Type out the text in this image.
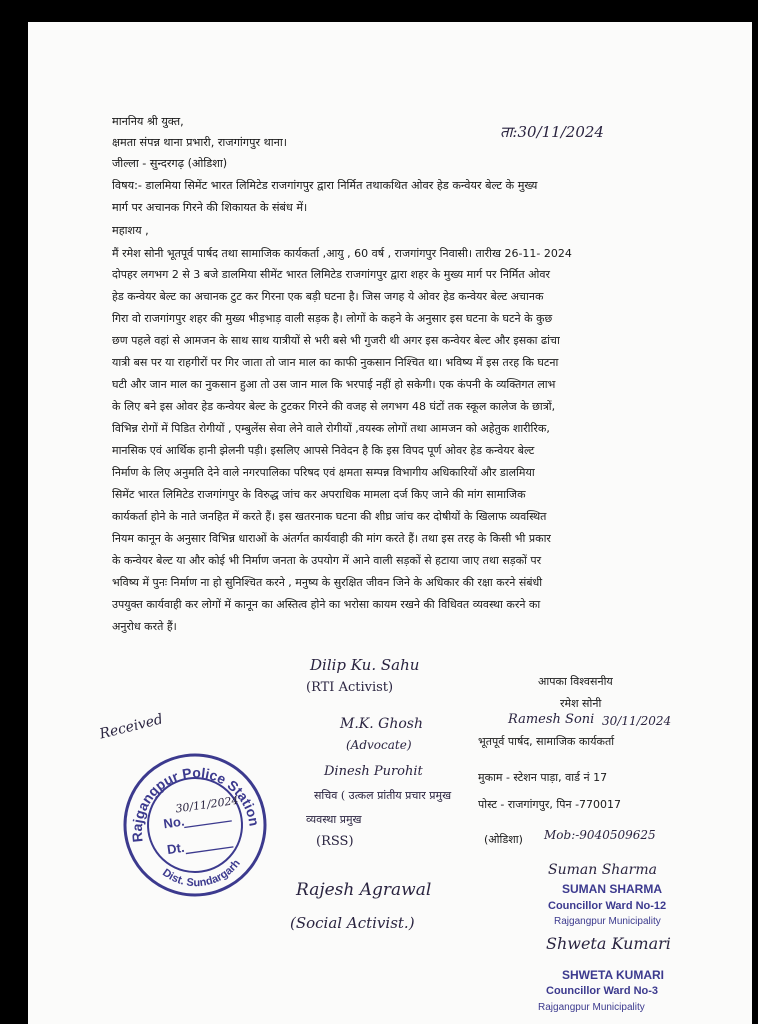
माननिय श्री युक्त,
क्षमता संपन्न थाना प्रभारी, राजगांगपुर थाना।
जील्ला - सुन्दरगढ़ (ओडिशा)
ता:30/11/2024
विषय:- डालमिया सिमेंट भारत लिमिटेड राजगांगपुर द्वारा निर्मित तथाकथित ओवर हेड कन्वेयर बेल्ट के मुख्य
मार्ग पर अचानक गिरने की शिकायत के संबंध में।
महाशय ,
मैं रमेश सोनी भूतपूर्व पार्षद तथा सामाजिक कार्यकर्ता ,आयु , 60 वर्ष , राजगांगपुर निवासी। तारीख 26-11- 2024
दोपहर लगभग 2 से 3 बजे डालमिया सीमेंट भारत लिमिटेड राजगांगपुर द्वारा शहर के मुख्य मार्ग पर निर्मित ओवर
हेड कन्वेयर बेल्ट का अचानक टुट कर गिरना एक बड़ी घटना है। जिस जगह ये ओवर हेड कन्वेयर बेल्ट अचानक
गिरा वो राजगांगपुर शहर की मुख्य भीड़भाड़ वाली सड़क है। लोगों के कहने के अनुसार इस घटना के घटने के कुछ
छण पहले वहां से आमजन के साथ साथ यात्रीयों से भरी बसे भी गुजरी थी अगर इस कन्वेयर बेल्ट और इसका ढांचा
यात्री बस पर या राहगीरों पर गिर जाता तो जान माल का काफी नुकसान निश्चित था। भविष्य में इस तरह कि घटना
घटी और जान माल का नुकसान हुआ तो उस जान माल कि भरपाई नहीं हो सकेगी। एक कंपनी के व्यक्तिगत लाभ
के लिए बने इस ओवर हेड कन्वेयर बेल्ट के टुटकर गिरने की वजह से लगभग 48 घंटों तक स्कूल कालेज के छात्रों,
विभिन्न रोगों में पिडित रोगीयों , एम्बुलेंस सेवा लेने वाले रोगीयों ,वयस्क लोगों तथा आमजन को अहेतुक शारीरिक,
मानसिक एवं आर्थिक हानी झेलनी पड़ी। इसलिए आपसे निवेदन है कि इस विपद पूर्ण ओवर हेड कन्वेयर बेल्ट
निर्माण के लिए अनुमति देने वाले नगरपालिका परिषद एवं क्षमता सम्पन्न विभागीय अधिकारियों और डालमिया
सिमेंट भारत लिमिटेड राजगांगपुर के विरुद्ध जांच कर अपराधिक मामला दर्ज किए जाने की मांग सामाजिक
कार्यकर्ता होने के नाते जनहित में करते हैं। इस खतरनाक घटना की शीघ्र जांच कर दोषीयों के खिलाफ व्यवस्थित
नियम कानून के अनुसार विभिन्न धाराओं के अंतर्गत कार्यवाही की मांग करते हैं। तथा इस तरह के किसी भी प्रकार
के कन्वेयर बेल्ट या और कोई भी निर्माण जनता के उपयोग में आने वाली सड़कों से हटाया जाए तथा सड़कों पर
भविष्य में पुनः निर्माण ना हो सुनिश्चित करने , मनुष्य के सुरक्षित जीवन जिने के अधिकार की रक्षा करने संबंधी
उपयुक्त कार्यवाही कर लोगों में कानून का अस्तित्व होने का भरोसा कायम रखने की विधिवत व्यवस्था करने का
अनुरोध करते हैं।
Dilip Ku. Sahu
(RTI Activist)
M.K. Ghosh
(Advocate)
Dinesh Purohit
सचिव ( उत्कल प्रांतीय प्रचार प्रमुख
व्यवस्था प्रमुख
(RSS)
Rajesh Agrawal
(Social Activist.)
Received
Rajgangpur Police Station
Dist. Sundargarh
No.
Dt.
30/11/2024
आपका विश्वसनीय
रमेश सोनी
Ramesh Soni 30/11/2024
भूतपूर्व पार्षद, सामाजिक कार्यकर्ता
मुकाम - स्टेशन पाड़ा, वार्ड नं 17
पोस्ट - राजगांगपुर, पिन -770017
(ओडिशा) Mob:-9040509625
Suman Sharma
SUMAN SHARMA
Councillor Ward No-12
Rajgangpur Municipality
Shweta Kumari
SHWETA KUMARI
Councillor Ward No-3
Rajgangpur Municipality
